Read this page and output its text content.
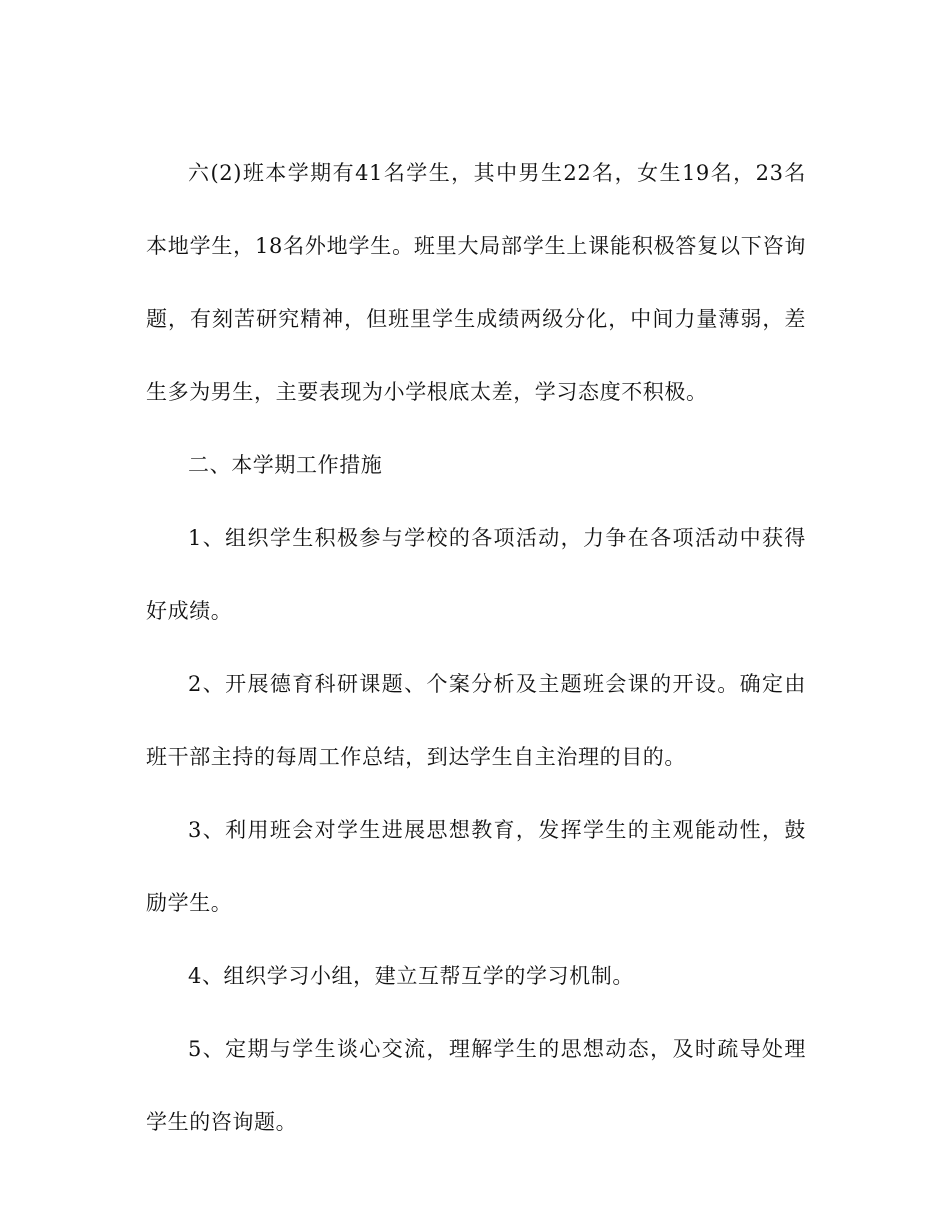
六(2)班本学期有41名学生，其中男生22名，女生19名，23名本地学生，18名外地学生。班里大局部学生上课能积极答复以下咨询题，有刻苦研究精神，但班里学生成绩两级分化，中间力量薄弱，差生多为男生，主要表现为小学根底太差，学习态度不积极。

二、本学期工作措施

1、组织学生积极参与学校的各项活动，力争在各项活动中获得好成绩。

2、开展德育科研课题、个案分析及主题班会课的开设。确定由班干部主持的每周工作总结，到达学生自主治理的目的。

3、利用班会对学生进展思想教育，发挥学生的主观能动性，鼓励学生。

4、组织学习小组，建立互帮互学的学习机制。

5、定期与学生谈心交流，理解学生的思想动态，及时疏导处理学生的咨询题。
